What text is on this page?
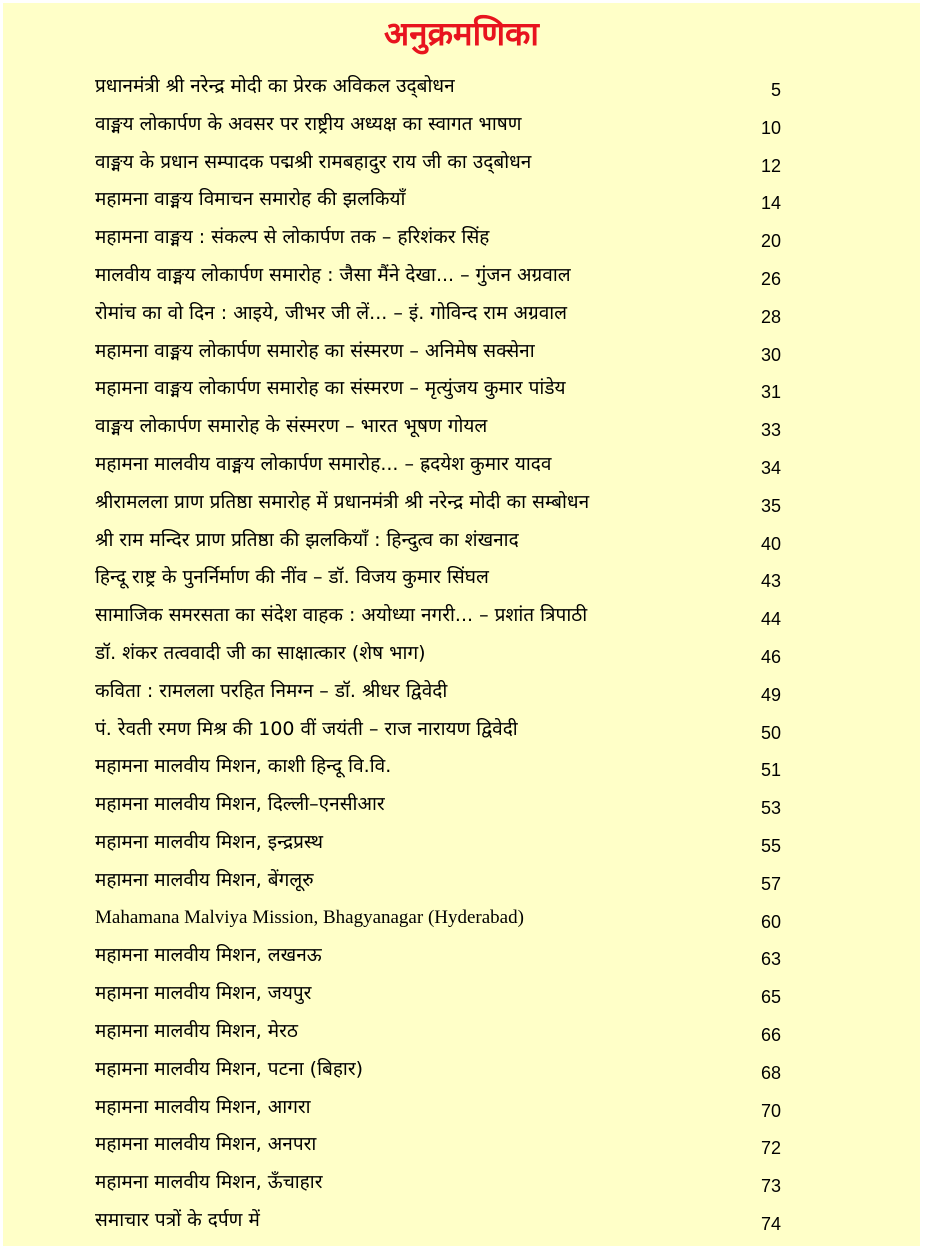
अनुक्रमणिका
प्रधानमंत्री श्री नरेन्द्र मोदी का प्रेरक अविकल उद्‌बोधन	5
वाङ्मय लोकार्पण के अवसर पर राष्ट्रीय अध्यक्ष का स्वागत भाषण	10
वाङ्मय के प्रधान सम्पादक पद्मश्री रामबहादुर राय जी का उद्‌बोधन	12
महामना वाङ्मय विमाचन समारोह की झलकियाँ	14
महामना वाङ्मय : संकल्प से लोकार्पण तक – हरिशंकर सिंह	20
मालवीय वाङ्मय लोकार्पण समारोह : जैसा मैंने देखा... – गुंजन अग्रवाल	26
रोमांच का वो दिन : आइये, जीभर जी लें... – इं. गोविन्द राम अग्रवाल	28
महामना वाङ्मय लोकार्पण समारोह का संस्मरण – अनिमेष सक्सेना	30
महामना वाङ्मय लोकार्पण समारोह का संस्मरण – मृत्युंजय कुमार पांडेय	31
वाङ्मय लोकार्पण समारोह के संस्मरण – भारत भूषण गोयल	33
महामना मालवीय वाङ्मय लोकार्पण समारोह... – ह्रदयेश कुमार यादव	34
श्रीरामलला प्राण प्रतिष्ठा समारोह में प्रधानमंत्री श्री नरेन्द्र मोदी का सम्बोधन	35
श्री राम मन्दिर प्राण प्रतिष्ठा की झलकियाँ : हिन्दुत्व का शंखनाद	40
हिन्दू राष्ट्र के पुनर्निर्माण की नींव – डॉ. विजय कुमार सिंघल	43
सामाजिक समरसता का संदेश वाहक : अयोध्या नगरी... – प्रशांत त्रिपाठी	44
डॉ. शंकर तत्ववादी जी का साक्षात्कार (शेष भाग)	46
कविता : रामलला परहित निमग्न – डॉ. श्रीधर द्विवेदी	49
पं. रेवती रमण मिश्र की 100 वीं जयंती – राज नारायण द्विवेदी	50
महामना मालवीय मिशन, काशी हिन्दू वि.वि.	51
महामना मालवीय मिशन, दिल्ली–एनसीआर	53
महामना मालवीय मिशन, इन्द्रप्रस्थ	55
महामना मालवीय मिशन, बेंगलूरु	57
Mahamana Malviya Mission, Bhagyanagar (Hyderabad)	60
महामना मालवीय मिशन, लखनऊ	63
महामना मालवीय मिशन, जयपुर	65
महामना मालवीय मिशन, मेरठ	66
महामना मालवीय मिशन, पटना (बिहार)	68
महामना मालवीय मिशन, आगरा	70
महामना मालवीय मिशन, अनपरा	72
महामना मालवीय मिशन, ऊँचाहार	73
समाचार पत्रों के दर्पण में	74
